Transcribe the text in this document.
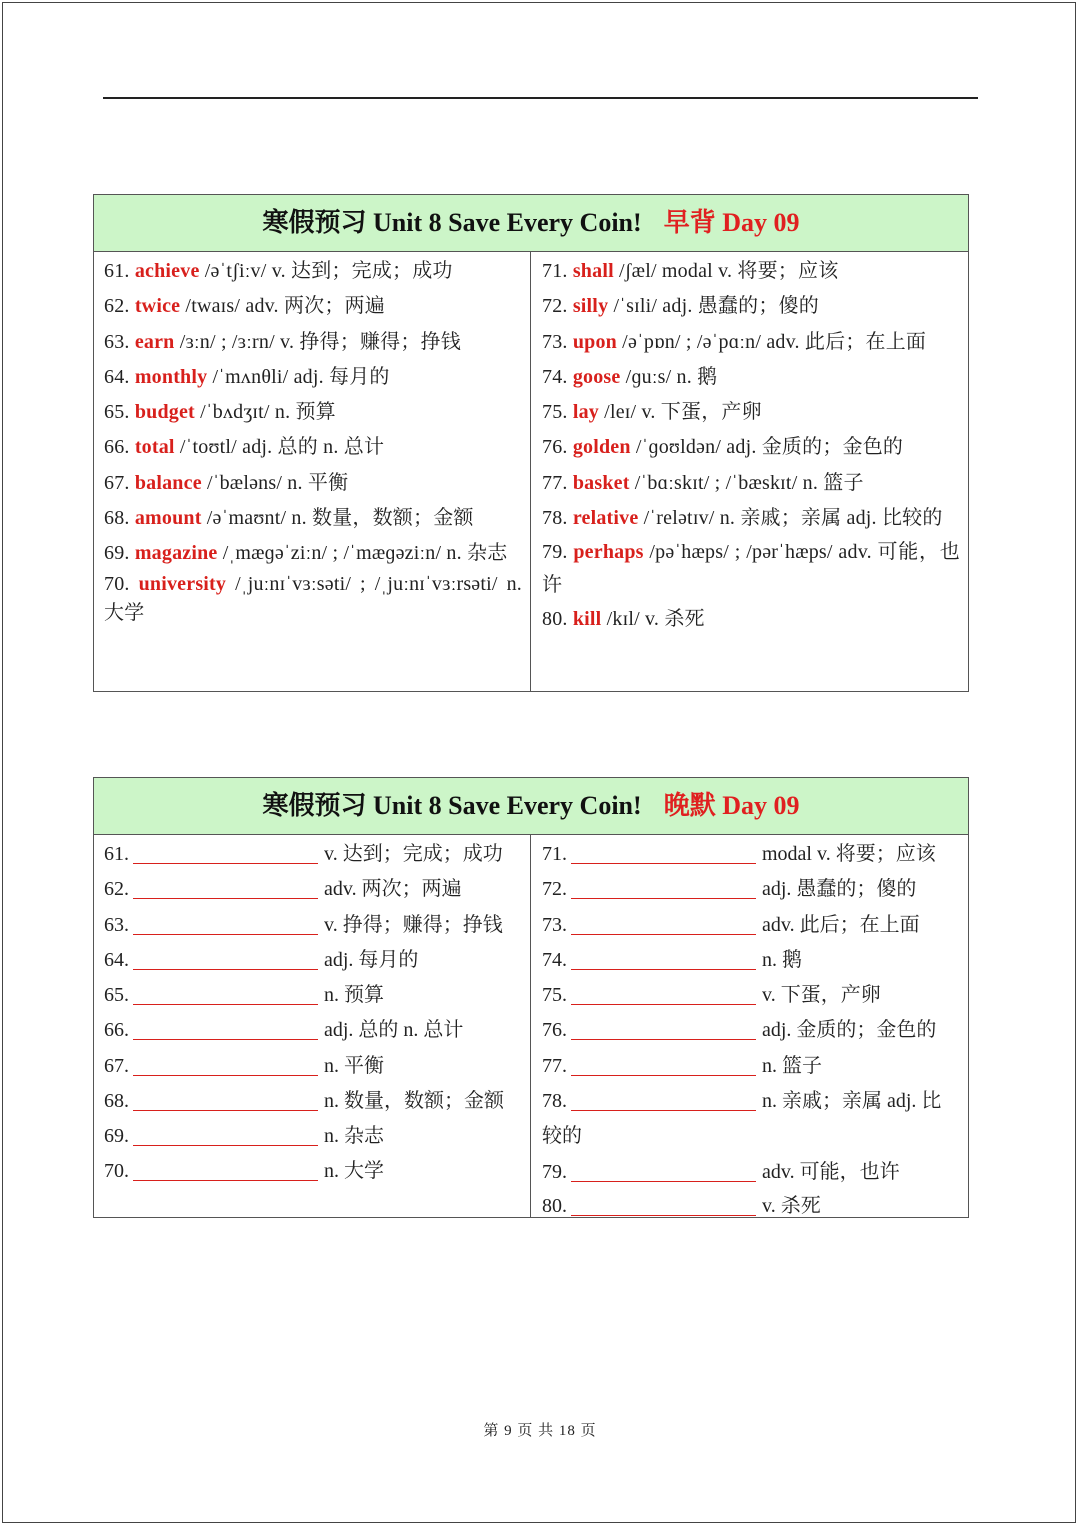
寒假预习 Unit 8 Save Every Coin! 早背 Day 09
61. achieve /əˈtʃiːv/ v. 达到；完成；成功
62. twice /twaɪs/ adv. 两次；两遍
63. earn /ɜːn/ ; /ɜːrn/ v. 挣得；赚得；挣钱
64. monthly /ˈmʌnθli/ adj. 每月的
65. budget /ˈbʌdʒɪt/ n. 预算
66. total /ˈtoʊtl/ adj. 总的 n. 总计
67. balance /ˈbæləns/ n. 平衡
68. amount /əˈmaʊnt/ n. 数量，数额；金额
69. magazine /ˌmæɡəˈziːn/ ; /ˈmæɡəziːn/ n. 杂志
70. university /ˌjuːnɪˈvɜːsəti/ ; /ˌjuːnɪˈvɜːrsəti/ n. 大学
71. shall /ʃæl/ modal v. 将要；应该
72. silly /ˈsɪli/ adj. 愚蠢的；傻的
73. upon /əˈpɒn/ ; /əˈpɑːn/ adv. 此后；在上面
74. goose /ɡuːs/ n. 鹅
75. lay /leɪ/ v. 下蛋，产卵
76. golden /ˈɡoʊldən/ adj. 金质的；金色的
77. basket /ˈbɑːskɪt/ ; /ˈbæskɪt/ n. 篮子
78. relative /ˈrelətɪv/ n. 亲戚；亲属 adj. 比较的
79. perhaps /pəˈhæps/ ; /pərˈhæps/ adv. 可能，也许
80. kill /kɪl/ v. 杀死
寒假预习 Unit 8 Save Every Coin! 晚默 Day 09
61.	v. 达到；完成；成功
62.	adv. 两次；两遍
63.	v. 挣得；赚得；挣钱
64.	adj. 每月的
65.	n. 预算
66.	adj. 总的 n. 总计
67.	n. 平衡
68.	n. 数量，数额；金额
69.	n. 杂志
70.	n. 大学
71.	modal v. 将要；应该
72.	adj. 愚蠢的；傻的
73.	adv. 此后；在上面
74.	n. 鹅
75.	v. 下蛋，产卵
76.	adj. 金质的；金色的
77.	n. 篮子
78.	n. 亲戚；亲属 adj. 比较的
79.	adv. 可能，也许
80.	v. 杀死
第 9 页 共 18 页
